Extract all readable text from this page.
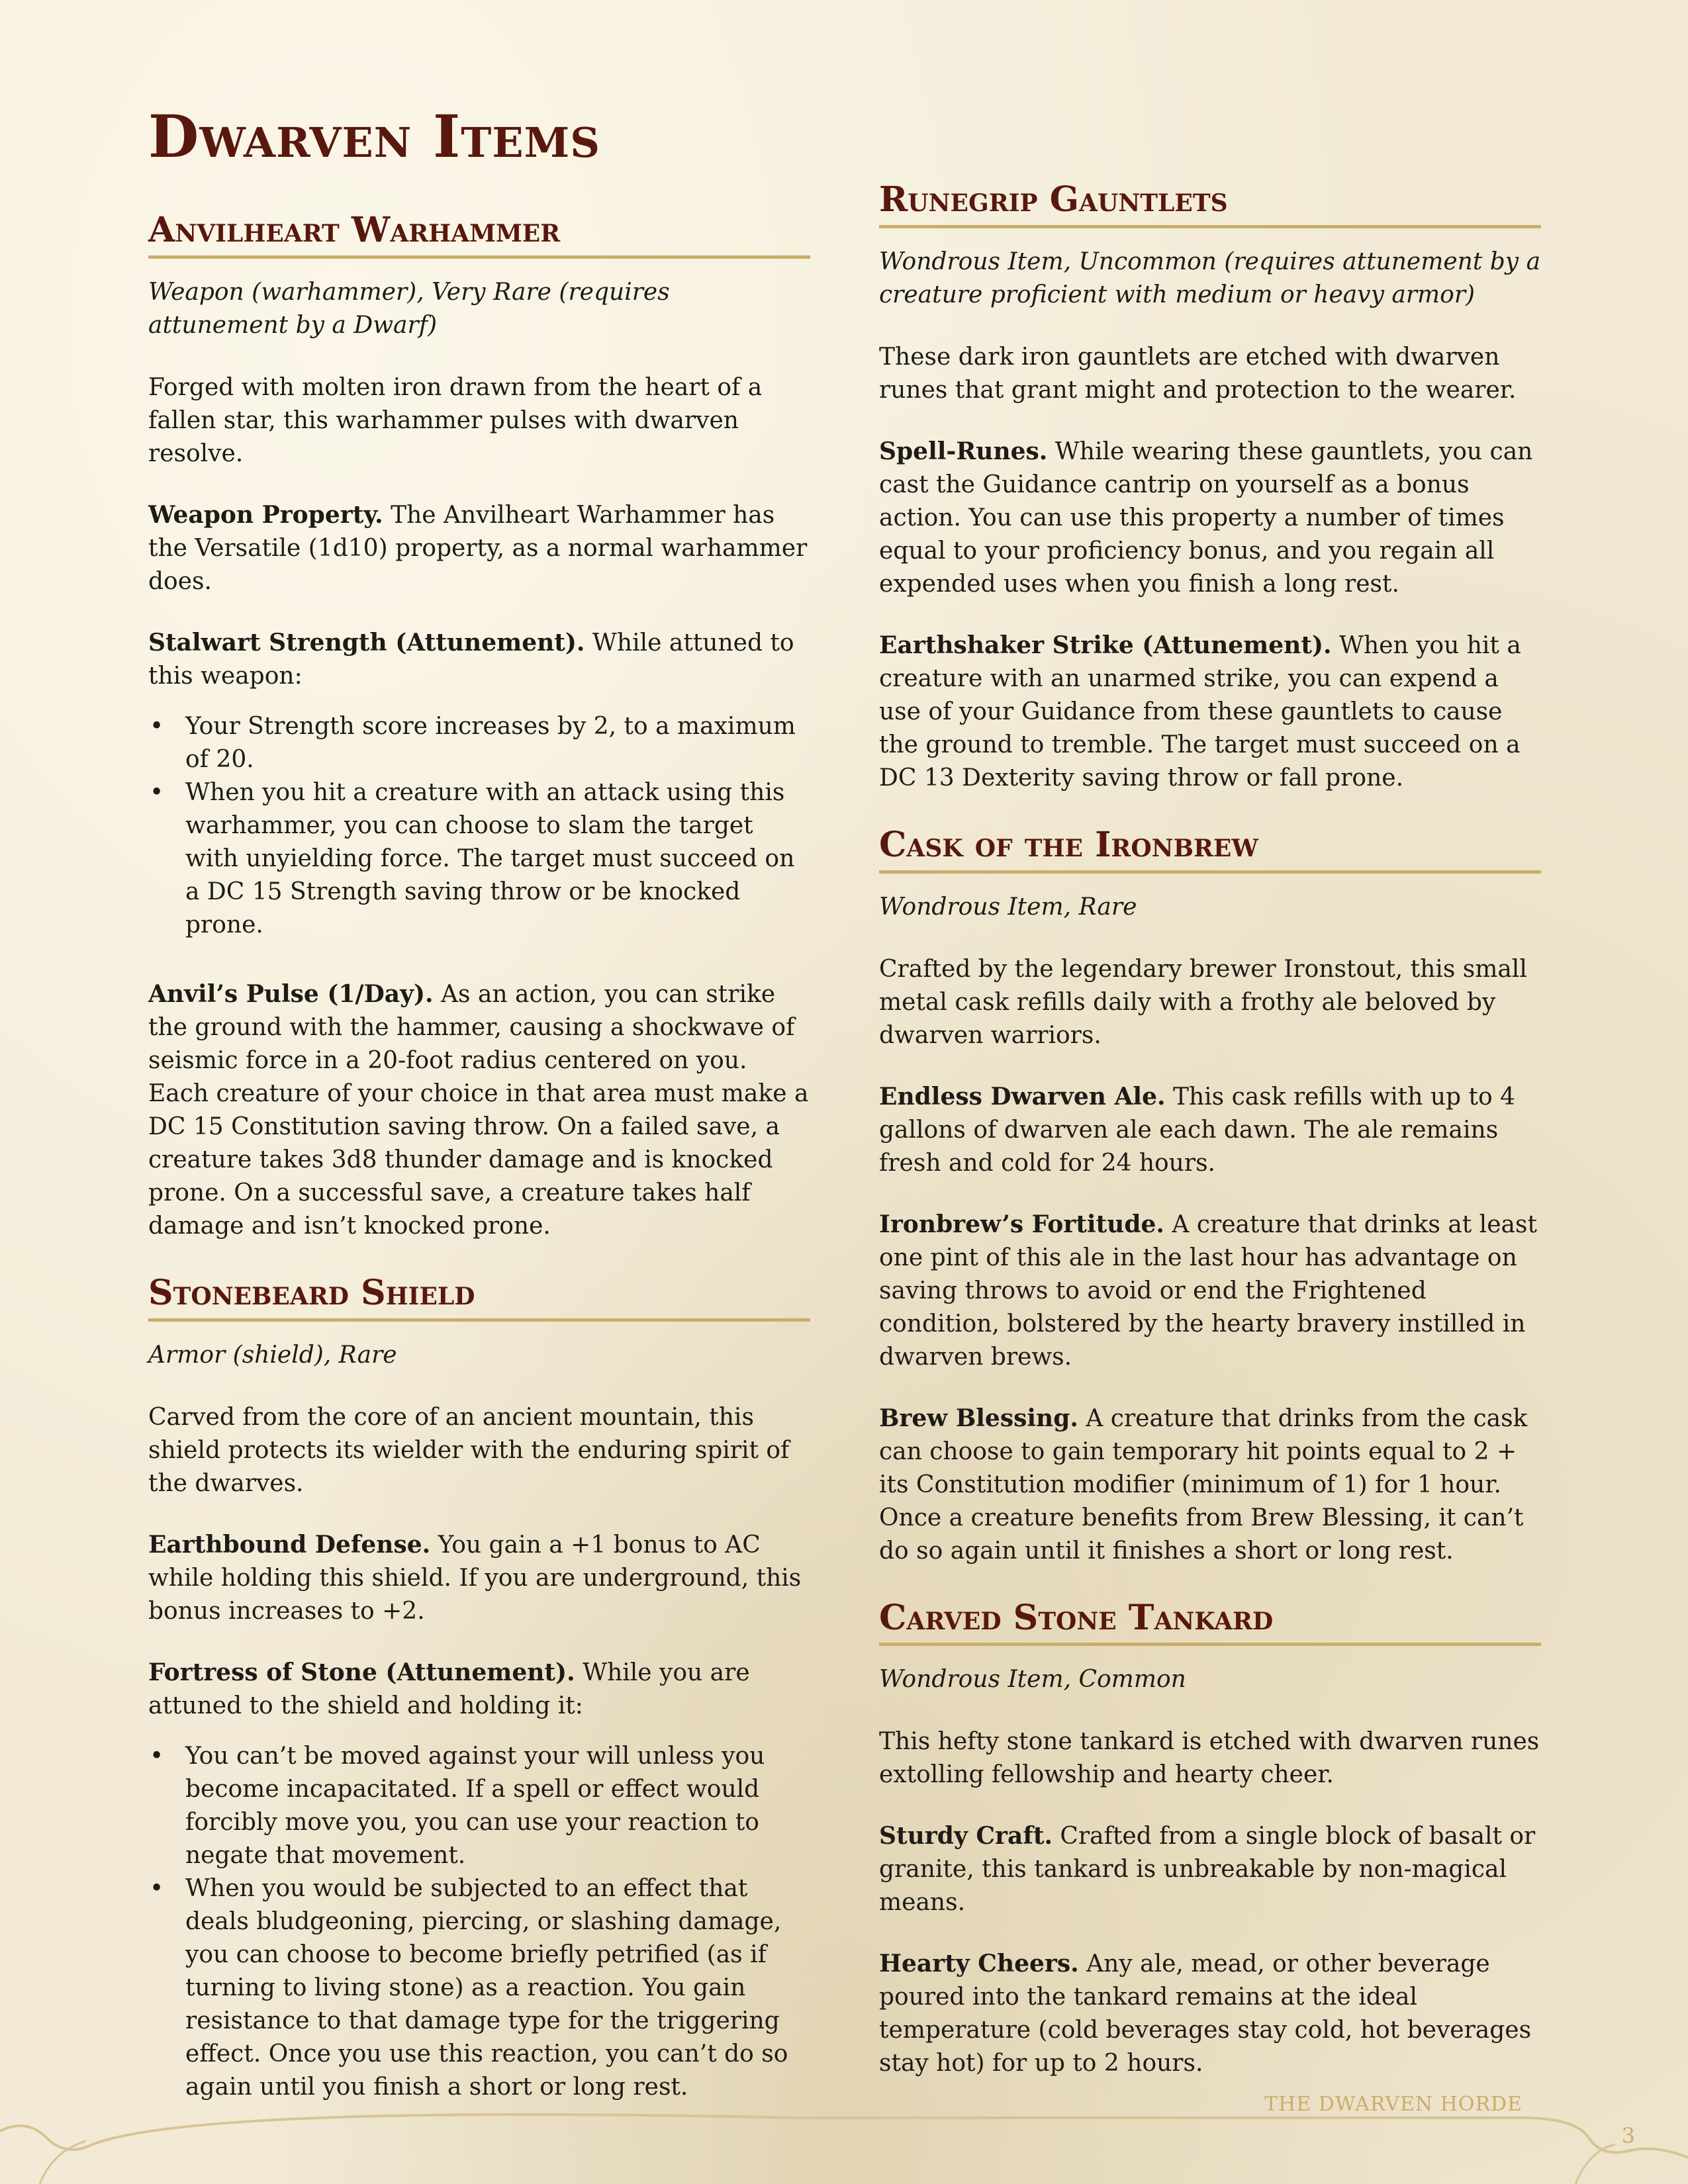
Dwarven Items
Anvilheart Warhammer

Weapon (warhammer), Very Rare (requires attunement by a Dwarf)

Forged with molten iron drawn from the heart of a fallen star, this warhammer pulses with dwarven resolve.

Weapon Property. The Anvilheart Warhammer has the Versatile (1d10) property, as a normal warhammer does.

Stalwart Strength (Attunement). While attuned to this weapon:

• Your Strength score increases by 2, to a maximum of 20.
• When you hit a creature with an attack using this warhammer, you can choose to slam the target with unyielding force. The target must succeed on a DC 15 Strength saving throw or be knocked prone.

Anvil’s Pulse (1/Day). As an action, you can strike the ground with the hammer, causing a shockwave of seismic force in a 20-foot radius centered on you. Each creature of your choice in that area must make a DC 15 Constitution saving throw. On a failed save, a creature takes 3d8 thunder damage and is knocked prone. On a successful save, a creature takes half damage and isn’t knocked prone.

Stonebeard Shield

Armor (shield), Rare

Carved from the core of an ancient mountain, this shield protects its wielder with the enduring spirit of the dwarves.

Earthbound Defense. You gain a +1 bonus to AC while holding this shield. If you are underground, this bonus increases to +2.

Fortress of Stone (Attunement). While you are attuned to the shield and holding it:

• You can’t be moved against your will unless you become incapacitated. If a spell or effect would forcibly move you, you can use your reaction to negate that movement.
• When you would be subjected to an effect that deals bludgeoning, piercing, or slashing damage, you can choose to become briefly petrified (as if turning to living stone) as a reaction. You gain resistance to that damage type for the triggering effect. Once you use this reaction, you can’t do so again until you finish a short or long rest.
Runegrip Gauntlets

Wondrous Item, Uncommon (requires attunement by a creature proficient with medium or heavy armor)

These dark iron gauntlets are etched with dwarven runes that grant might and protection to the wearer.

Spell-Runes. While wearing these gauntlets, you can cast the Guidance cantrip on yourself as a bonus action. You can use this property a number of times equal to your proficiency bonus, and you regain all expended uses when you finish a long rest.

Earthshaker Strike (Attunement). When you hit a creature with an unarmed strike, you can expend a use of your Guidance from these gauntlets to cause the ground to tremble. The target must succeed on a DC 13 Dexterity saving throw or fall prone.

Cask of the Ironbrew

Wondrous Item, Rare

Crafted by the legendary brewer Ironstout, this small metal cask refills daily with a frothy ale beloved by dwarven warriors.

Endless Dwarven Ale. This cask refills with up to 4 gallons of dwarven ale each dawn. The ale remains fresh and cold for 24 hours.

Ironbrew’s Fortitude. A creature that drinks at least one pint of this ale in the last hour has advantage on saving throws to avoid or end the Frightened condition, bolstered by the hearty bravery instilled in dwarven brews.

Brew Blessing. A creature that drinks from the cask can choose to gain temporary hit points equal to 2 + its Constitution modifier (minimum of 1) for 1 hour. Once a creature benefits from Brew Blessing, it can’t do so again until it finishes a short or long rest.

Carved Stone Tankard

Wondrous Item, Common

This hefty stone tankard is etched with dwarven runes extolling fellowship and hearty cheer.

Sturdy Craft. Crafted from a single block of basalt or granite, this tankard is unbreakable by non-magical means.

Hearty Cheers. Any ale, mead, or other beverage poured into the tankard remains at the ideal temperature (cold beverages stay cold, hot beverages stay hot) for up to 2 hours.

THE DWARVEN HORDE
3
